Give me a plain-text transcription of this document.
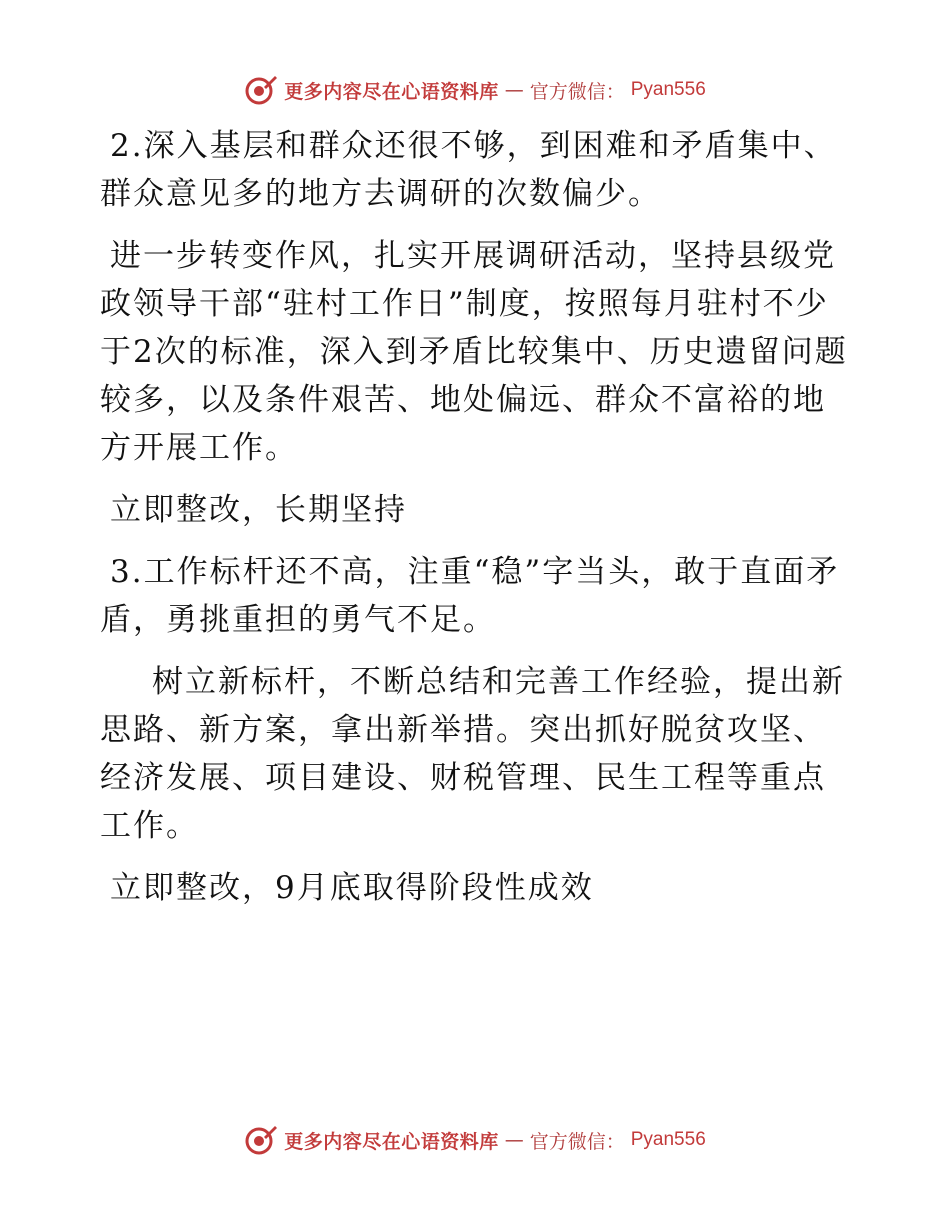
更多内容尽在心语资料库 — 官方微信： Pyan556

2.深入基层和群众还很不够，到困难和矛盾集中、群众意见多的地方去调研的次数偏少。

进一步转变作风，扎实开展调研活动，坚持县级党政领导干部“驻村工作日”制度，按照每月驻村不少于2次的标准，深入到矛盾比较集中、历史遗留问题较多，以及条件艰苦、地处偏远、群众不富裕的地方开展工作。

立即整改，长期坚持

3.工作标杆还不高，注重“稳”字当头，敢于直面矛盾，勇挑重担的勇气不足。

树立新标杆，不断总结和完善工作经验，提出新思路、新方案，拿出新举措。突出抓好脱贫攻坚、经济发展、项目建设、财税管理、民生工程等重点工作。

立即整改，9月底取得阶段性成效

更多内容尽在心语资料库 — 官方微信： Pyan556
